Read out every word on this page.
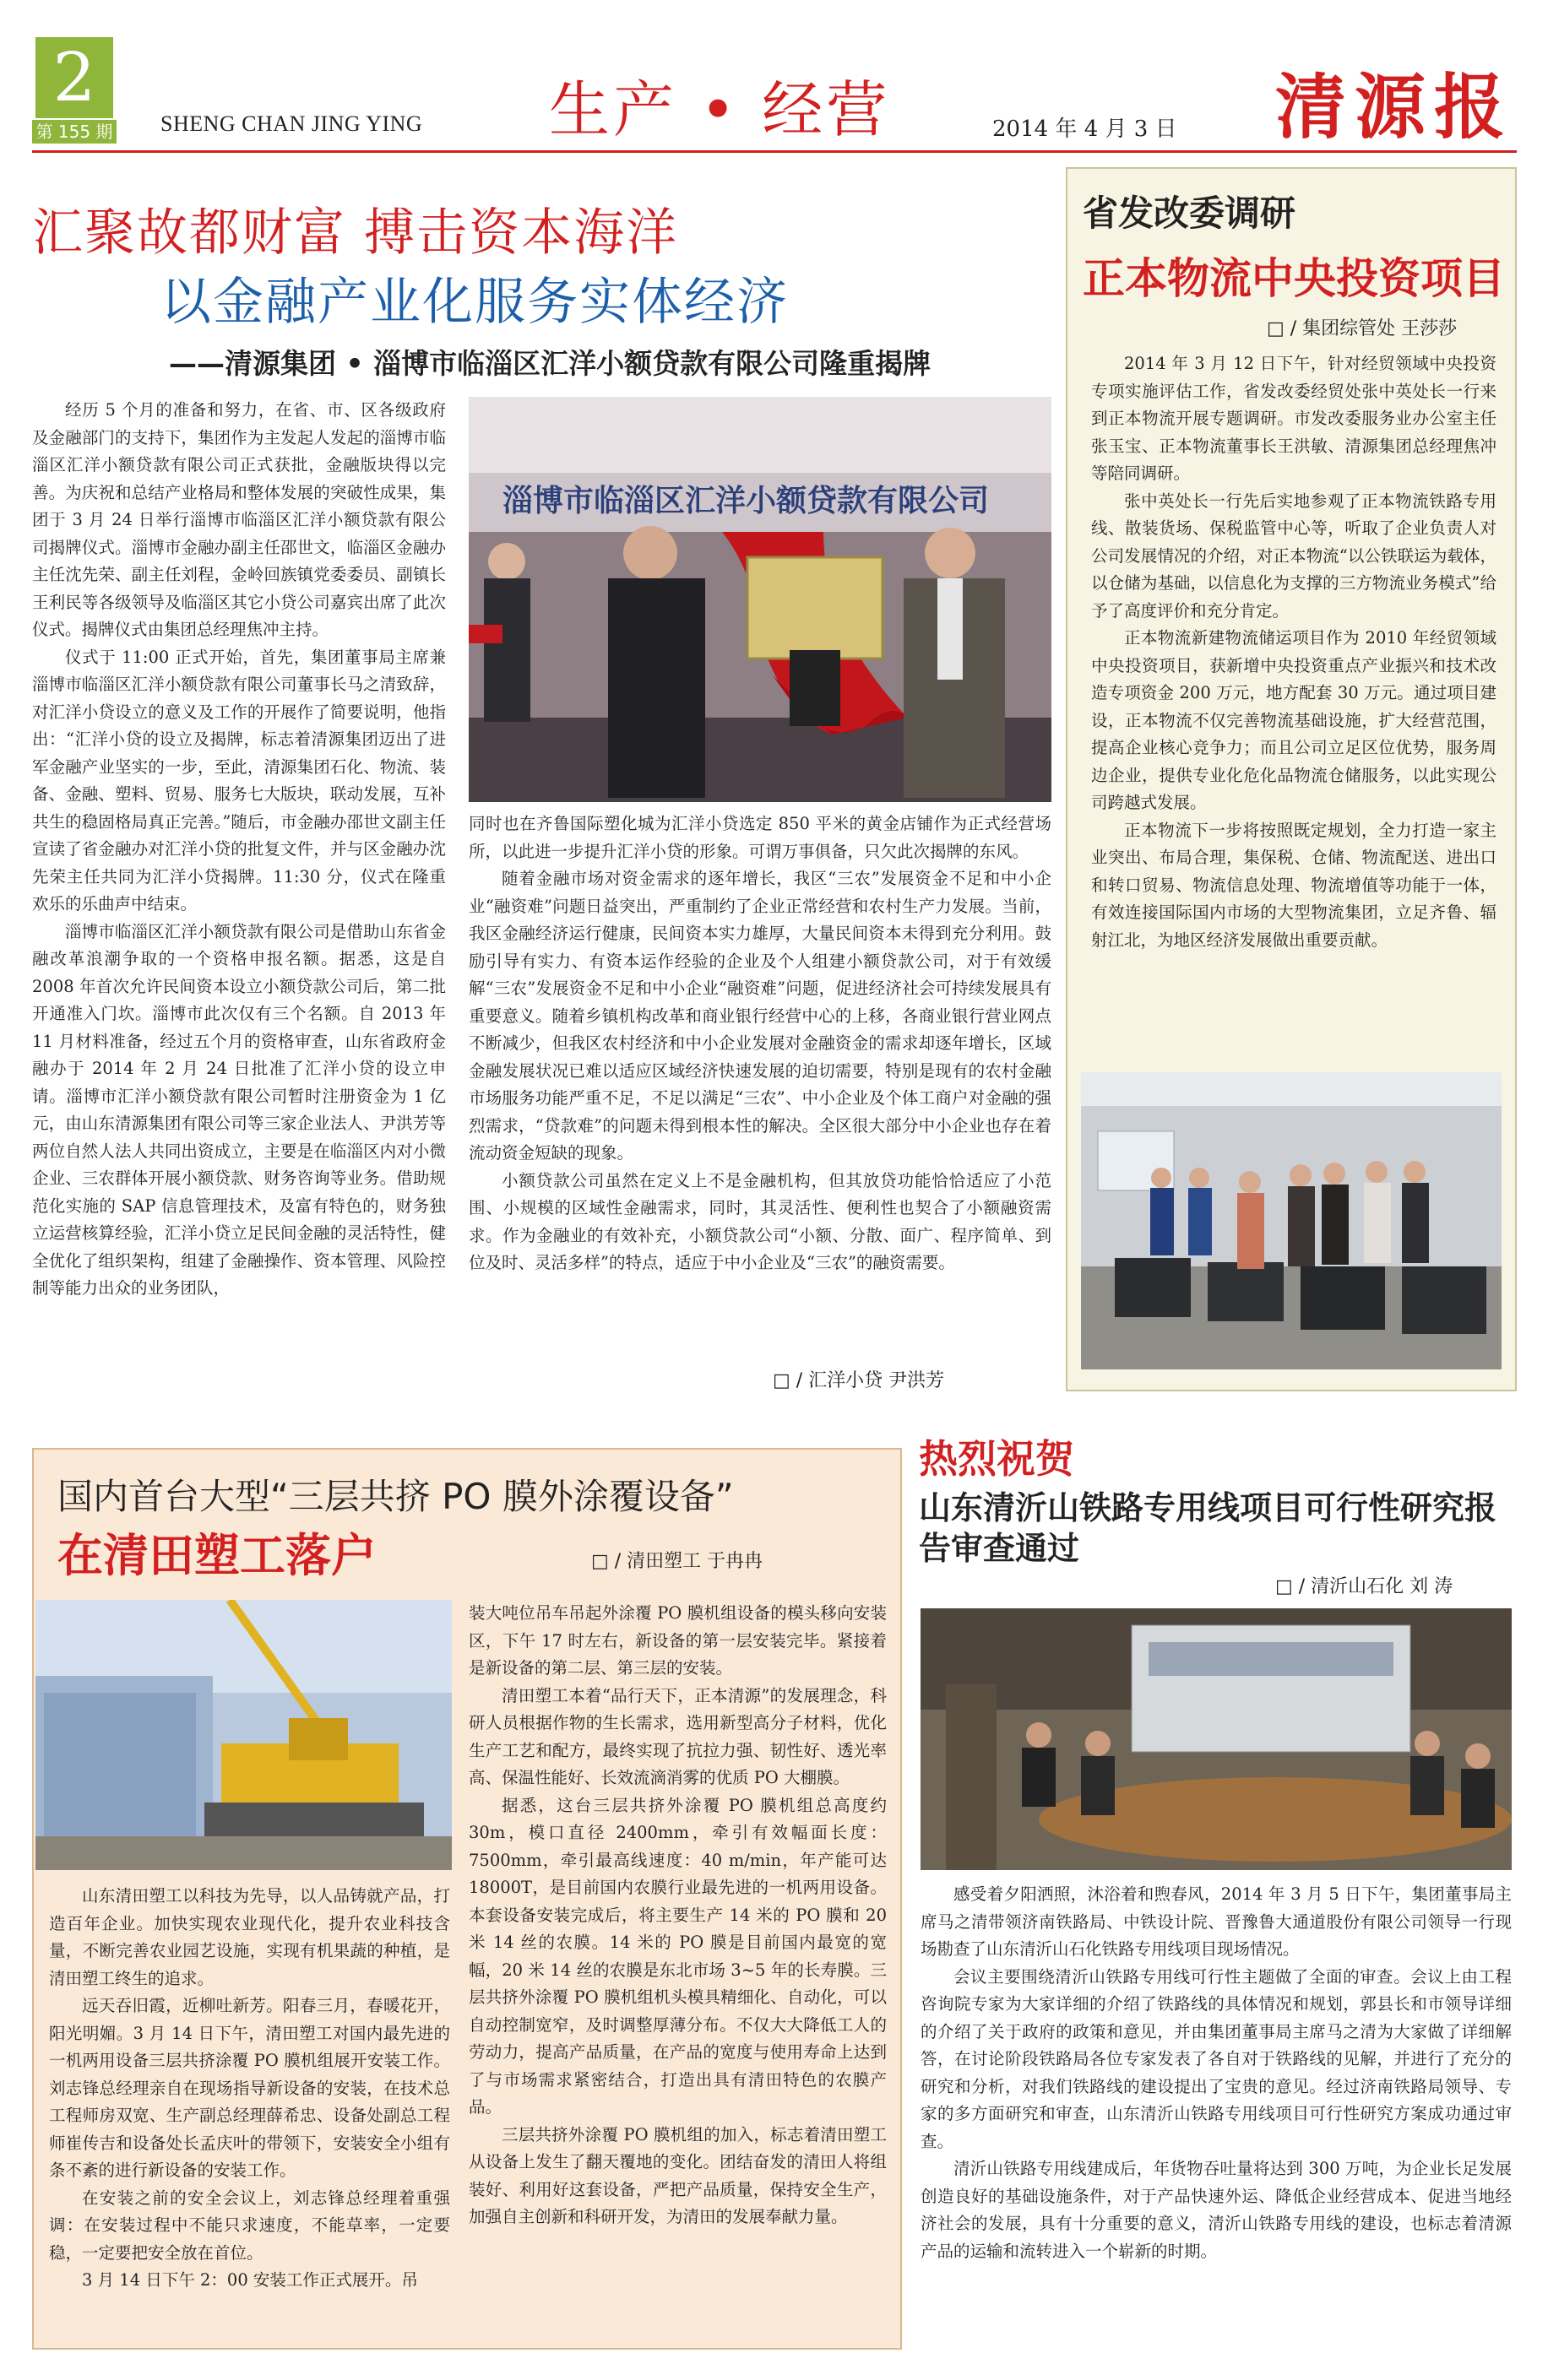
2
第 155 期 SHENG CHAN JING YING 生产 • 经营	2014 年 4 月 3 日 清源报
汇聚故都财富 搏击资本海洋
以金融产业化服务实体经济
——清源集团 • 淄博市临淄区汇洋小额贷款有限公司隆重揭牌

经历 5 个月的准备和努力，在省、市、区各级政府及金融部门的支持下，集团作为主发起人发起的淄博市临淄区汇洋小额贷款有限公司正式获批，金融版块得以完善。为庆祝和总结产业格局和整体发展的突破性成果，集团于 3 月 24 日举行淄博市临淄区汇洋小额贷款有限公司揭牌仪式。淄博市金融办副主任邵世文，临淄区金融办主任沈先荣、副主任刘程，金岭回族镇党委委员、副镇长王利民等各级领导及临淄区其它小贷公司嘉宾出席了此次仪式。揭牌仪式由集团总经理焦冲主持。

仪式于 11:00 正式开始，首先，集团董事局主席兼淄博市临淄区汇洋小额贷款有限公司董事长马之清致辞，对汇洋小贷设立的意义及工作的开展作了简要说明，他指出：“汇洋小贷的设立及揭牌，标志着清源集团迈出了进军金融产业坚实的一步，至此，清源集团石化、物流、装备、金融、塑料、贸易、服务七大版块，联动发展，互补共生的稳固格局真正完善。”随后，市金融办邵世文副主任宣读了省金融办对汇洋小贷的批复文件，并与区金融办沈先荣主任共同为汇洋小贷揭牌。11:30 分，仪式在隆重欢乐的乐曲声中结束。

淄博市临淄区汇洋小额贷款有限公司是借助山东省金融改革浪潮争取的一个资格申报名额。据悉，这是自 2008 年首次允许民间资本设立小额贷款公司后，第二批开通准入门坎。淄博市此次仅有三个名额。自 2013 年 11 月材料准备，经过五个月的资格审查，山东省政府金融办于 2014 年 2 月 24 日批准了汇洋小贷的设立申请。淄博市汇洋小额贷款有限公司暂时注册资金为 1 亿元，由山东清源集团有限公司等三家企业法人、尹洪芳等两位自然人法人共同出资成立，主要是在临淄区内对小微企业、三农群体开展小额贷款、财务咨询等业务。借助规范化实施的 SAP 信息管理技术，及富有特色的，财务独立运营核算经验，汇洋小贷立足民间金融的灵活特性，健全优化了组织架构，组建了金融操作、资本管理、风险控制等能力出众的业务团队，

淄博市临淄区汇洋小额贷款有限公司

同时也在齐鲁国际塑化城为汇洋小贷选定 850 平米的黄金店铺作为正式经营场所，以此进一步提升汇洋小贷的形象。可谓万事俱备，只欠此次揭牌的东风。

随着金融市场对资金需求的逐年增长，我区“三农”发展资金不足和中小企业“融资难”问题日益突出，严重制约了企业正常经营和农村生产力发展。当前，我区金融经济运行健康，民间资本实力雄厚，大量民间资本未得到充分利用。鼓励引导有实力、有资本运作经验的企业及个人组建小额贷款公司，对于有效缓解“三农”发展资金不足和中小企业“融资难”问题，促进经济社会可持续发展具有重要意义。随着乡镇机构改革和商业银行经营中心的上移，各商业银行营业网点不断减少，但我区农村经济和中小企业发展对金融资金的需求却逐年增长，区域金融发展状况已难以适应区域经济快速发展的迫切需要，特别是现有的农村金融市场服务功能严重不足，不足以满足“三农”、中小企业及个体工商户对金融的强烈需求，“贷款难”的问题未得到根本性的解决。全区很大部分中小企业也存在着流动资金短缺的现象。

小额贷款公司虽然在定义上不是金融机构，但其放贷功能恰恰适应了小范围、小规模的区域性金融需求，同时，其灵活性、便利性也契合了小额融资需求。作为金融业的有效补充，小额贷款公司“小额、分散、面广、程序简单、到位及时、灵活多样”的特点，适应于中小企业及“三农”的融资需要。

□ / 汇洋小贷 尹洪芳
省发改委调研
正本物流中央投资项目
□ / 集团综管处 王莎莎

2014 年 3 月 12 日下午，针对经贸领域中央投资专项实施评估工作，省发改委经贸处张中英处长一行来到正本物流开展专题调研。市发改委服务业办公室主任张玉宝、正本物流董事长王洪敏、清源集团总经理焦冲等陪同调研。

张中英处长一行先后实地参观了正本物流铁路专用线、散装货场、保税监管中心等，听取了企业负责人对公司发展情况的介绍，对正本物流“以公铁联运为载体，以仓储为基础，以信息化为支撑的三方物流业务模式”给予了高度评价和充分肯定。

正本物流新建物流储运项目作为 2010 年经贸领域中央投资项目，获新增中央投资重点产业振兴和技术改造专项资金 200 万元，地方配套 30 万元。通过项目建设，正本物流不仅完善物流基础设施，扩大经营范围，提高企业核心竞争力；而且公司立足区位优势，服务周边企业，提供专业化危化品物流仓储服务，以此实现公司跨越式发展。

正本物流下一步将按照既定规划，全力打造一家主业突出、布局合理，集保税、仓储、物流配送、进出口和转口贸易、物流信息处理、物流增值等功能于一体，有效连接国际国内市场的大型物流集团，立足齐鲁、辐射江北，为地区经济发展做出重要贡献。

国内首台大型“三层共挤 PO 膜外涂覆设备”
在清田塑工落户	□ / 清田塑工 于冉冉

山东清田塑工以科技为先导，以人品铸就产品，打造百年企业。加快实现农业现代化，提升农业科技含量，不断完善农业园艺设施，实现有机果蔬的种植，是清田塑工终生的追求。

远天吞旧霞，近柳吐新芳。阳春三月，春暖花开，阳光明媚。3 月 14 日下午，清田塑工对国内最先进的一机两用设备三层共挤涂覆 PO 膜机组展开安装工作。刘志锋总经理亲自在现场指导新设备的安装，在技术总工程师房双宽、生产副总经理薛希忠、设备处副总工程师崔传吉和设备处长孟庆叶的带领下，安装安全小组有条不紊的进行新设备的安装工作。

在安装之前的安全会议上，刘志锋总经理着重强调：在安装过程中不能只求速度，不能草率，一定要稳，一定要把安全放在首位。

3 月 14 日下午 2：00 安装工作正式展开。吊

装大吨位吊车吊起外涂覆 PO 膜机组设备的模头移向安装区，下午 17 时左右，新设备的第一层安装完毕。紧接着是新设备的第二层、第三层的安装。

清田塑工本着“品行天下，正本清源”的发展理念，科研人员根据作物的生长需求，选用新型高分子材料，优化生产工艺和配方，最终实现了抗拉力强、韧性好、透光率高、保温性能好、长效流滴消雾的优质 PO 大棚膜。

据悉，这台三层共挤外涂覆 PO 膜机组总高度约 30m，模口直径 2400mm，牵引有效幅面长度：7500mm，牵引最高线速度：40 m/min，年产能可达 18000T，是目前国内农膜行业最先进的一机两用设备。本套设备安装完成后，将主要生产 14 米的 PO 膜和 20 米 14 丝的农膜。14 米的 PO 膜是目前国内最宽的宽幅，20 米 14 丝的农膜是东北市场 3~5 年的长寿膜。三层共挤外涂覆 PO 膜机组机头模具精细化、自动化，可以自动控制宽窄，及时调整厚薄分布。不仅大大降低工人的劳动力，提高产品质量，在产品的宽度与使用寿命上达到了与市场需求紧密结合，打造出具有清田特色的农膜产品。

三层共挤外涂覆 PO 膜机组的加入，标志着清田塑工从设备上发生了翻天覆地的变化。团结奋发的清田人将组装好、利用好这套设备，严把产品质量，保持安全生产，加强自主创新和科研开发，为清田的发展奉献力量。

热烈祝贺
山东清沂山铁路专用线项目可行性研究报告审查通过
□ / 清沂山石化 刘 涛

感受着夕阳洒照，沐浴着和煦春风，2014 年 3 月 5 日下午，集团董事局主席马之清带领济南铁路局、中铁设计院、晋豫鲁大通道股份有限公司领导一行现场勘查了山东清沂山石化铁路专用线项目现场情况。

会议主要围绕清沂山铁路专用线可行性主题做了全面的审查。会议上由工程咨询院专家为大家详细的介绍了铁路线的具体情况和规划，郭县长和市领导详细的介绍了关于政府的政策和意见，并由集团董事局主席马之清为大家做了详细解答，在讨论阶段铁路局各位专家发表了各自对于铁路线的见解，并进行了充分的研究和分析，对我们铁路线的建设提出了宝贵的意见。经过济南铁路局领导、专家的多方面研究和审查，山东清沂山铁路专用线项目可行性研究方案成功通过审查。

清沂山铁路专用线建成后，年货物吞吐量将达到 300 万吨，为企业长足发展创造良好的基础设施条件，对于产品快速外运、降低企业经营成本、促进当地经济社会的发展，具有十分重要的意义，清沂山铁路专用线的建设，也标志着清源产品的运输和流转进入一个崭新的时期。
